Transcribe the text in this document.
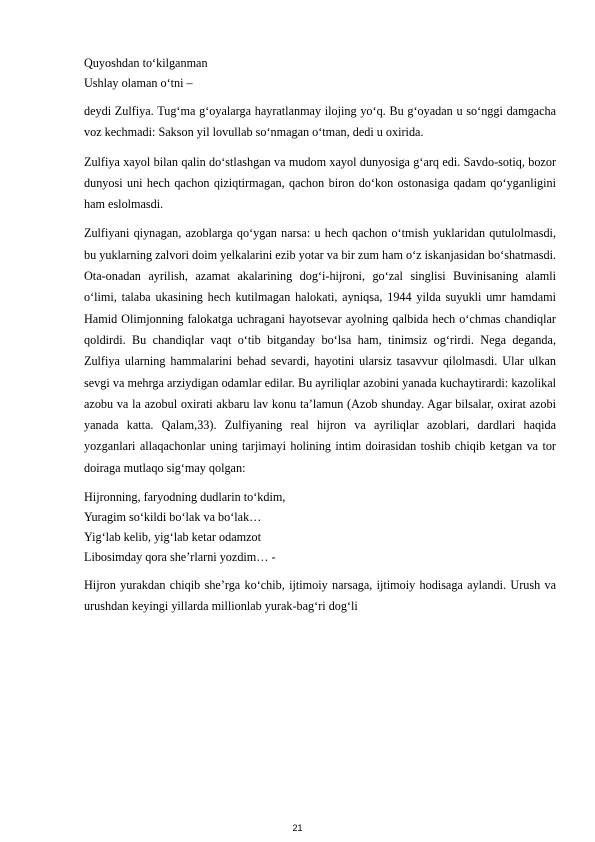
Quyoshdan to‘kilganman
Ushlay olaman o‘tni –

deydi Zulfiya. Tug‘ma g‘oyalarga hayratlanmay ilojing yo‘q. Bu g‘oyadan u so‘nggi damgacha voz kechmadi: Sakson yil lovullab so‘nmagan o‘tman, dedi u oxirida.

Zulfiya xayol bilan qalin do‘stlashgan va mudom xayol dunyosiga g‘arq edi. Savdo-sotiq, bozor dunyosi uni hech qachon qiziqtirmagan, qachon biron do‘kon ostonasiga qadam qo‘yganligini ham eslolmasdi.

Zulfiyani qiynagan, azoblarga qo‘ygan narsa: u hech qachon o‘tmish yuklaridan qutulolmasdi, bu yuklarning zalvori doim yelkalarini ezib yotar va bir zum ham o‘z iskanjasidan bo‘shatmasdi. Ota-onadan ayrilish, azamat akalarining dog‘i-hijroni, go‘zal singlisi Buvinisaning alamli o‘limi, talaba ukasining hech kutilmagan halokati, ayniqsa, 1944 yilda suyukli umr hamdami Hamid Olimjonning falokatga uchragani hayotsevar ayolning qalbida hech o‘chmas chandiqlar qoldirdi. Bu chandiqlar vaqt o‘tib bitganday bo‘lsa ham, tinimsiz og‘rirdi. Nega deganda, Zulfiya ularning hammalarini behad sevardi, hayotini ularsiz tasavvur qilolmasdi. Ular ulkan sevgi va mehrga arziydigan odamlar edilar. Bu ayriliqlar azobini yanada kuchaytirardi: kazolikal azobu va la azobul oxirati akbaru lav konu ta’lamun (Azob shunday. Agar bilsalar, oxirat azobi yanada katta. Qalam,33). Zulfiyaning real hijron va ayriliqlar azoblari, dardlari haqida yozganlari allaqachonlar uning tarjimayi holining intim doirasidan toshib chiqib ketgan va tor doiraga mutlaqo sig‘may qolgan:

Hijronning, faryodning dudlarin to‘kdim,
Yuragim so‘kildi bo‘lak va bo‘lak…
Yig‘lab kelib, yig‘lab ketar odamzot
Libosimday qora she’rlarni yozdim… -

Hijron yurakdan chiqib she’rga ko‘chib, ijtimoiy narsaga, ijtimoiy hodisaga aylandi. Urush va urushdan keyingi yillarda millionlab yurak-bag‘ri dog‘li

21
